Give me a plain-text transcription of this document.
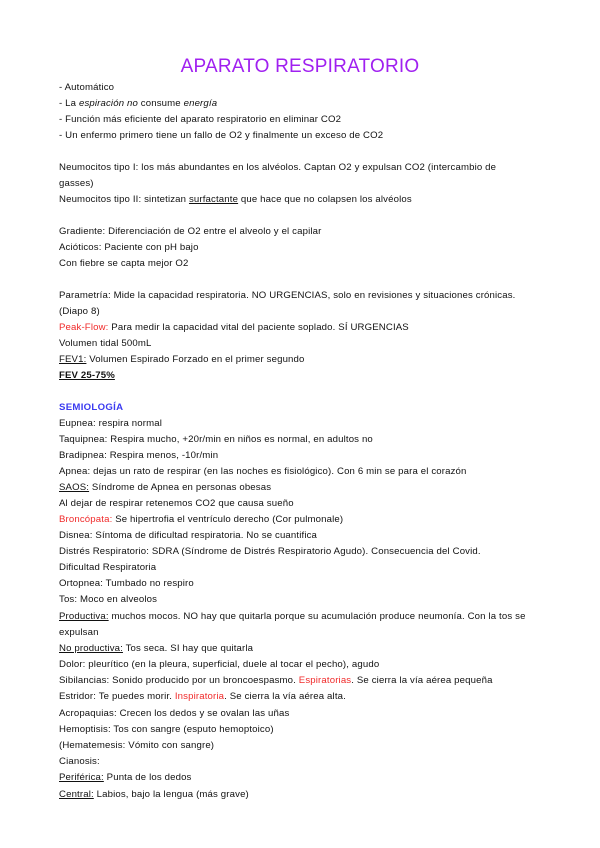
APARATO RESPIRATORIO
- Automático
- La espiración no consume energía
- Función más eficiente del aparato respiratorio en eliminar CO2
- Un enfermo primero tiene un fallo de O2 y finalmente un exceso de CO2
Neumocitos tipo I: los más abundantes en los alvéolos. Captan O2 y expulsan CO2 (intercambio de
gasses)
Neumocitos tipo II: sintetizan surfactante que hace que no colapsen los alvéolos
Gradiente: Diferenciación de O2 entre el alveolo y el capilar
Acióticos: Paciente con pH bajo
Con fiebre se capta mejor O2
Parametría: Mide la capacidad respiratoria. NO URGENCIAS, solo en revisiones y situaciones crónicas.
(Diapo 8)
Peak-Flow: Para medir la capacidad vital del paciente soplado. SÍ URGENCIAS
Volumen tidal 500mL
FEV1: Volumen Espirado Forzado en el primer segundo
FEV 25-75%
SEMIOLOGÍA
Eupnea: respira normal
Taquipnea: Respira mucho, +20r/min en niños es normal, en adultos no
Bradipnea: Respira menos, -10r/min
Apnea: dejas un rato de respirar (en las noches es fisiológico). Con 6 min se para el corazón
SAOS: Síndrome de Apnea en personas obesas
Al dejar de respirar retenemos CO2 que causa sueño
Broncópata: Se hipertrofia el ventrículo derecho (Cor pulmonale)
Disnea: Síntoma de dificultad respiratoria. No se cuantifica
Distrés Respiratorio: SDRA (Síndrome de Distrés Respiratorio Agudo). Consecuencia del Covid.
Dificultad Respiratoria
Ortopnea: Tumbado no respiro
Tos: Moco en alveolos
Productiva: muchos mocos. NO hay que quitarla porque su acumulación produce neumonía. Con la tos se
expulsan
No productiva: Tos seca. SI hay que quitarla
Dolor: pleurítico (en la pleura, superficial, duele al tocar el pecho), agudo
Sibilancias: Sonido producido por un broncoespasmo. Espiratorias. Se cierra la vía aérea pequeña
Estridor: Te puedes morir. Inspiratoria. Se cierra la vía aérea alta.
Acropaquias: Crecen los dedos y se ovalan las uñas
Hemoptisis: Tos con sangre (esputo hemoptoico)
(Hematemesis: Vómito con sangre)
Cianosis:
Periférica: Punta de los dedos
Central: Labios, bajo la lengua (más grave)
